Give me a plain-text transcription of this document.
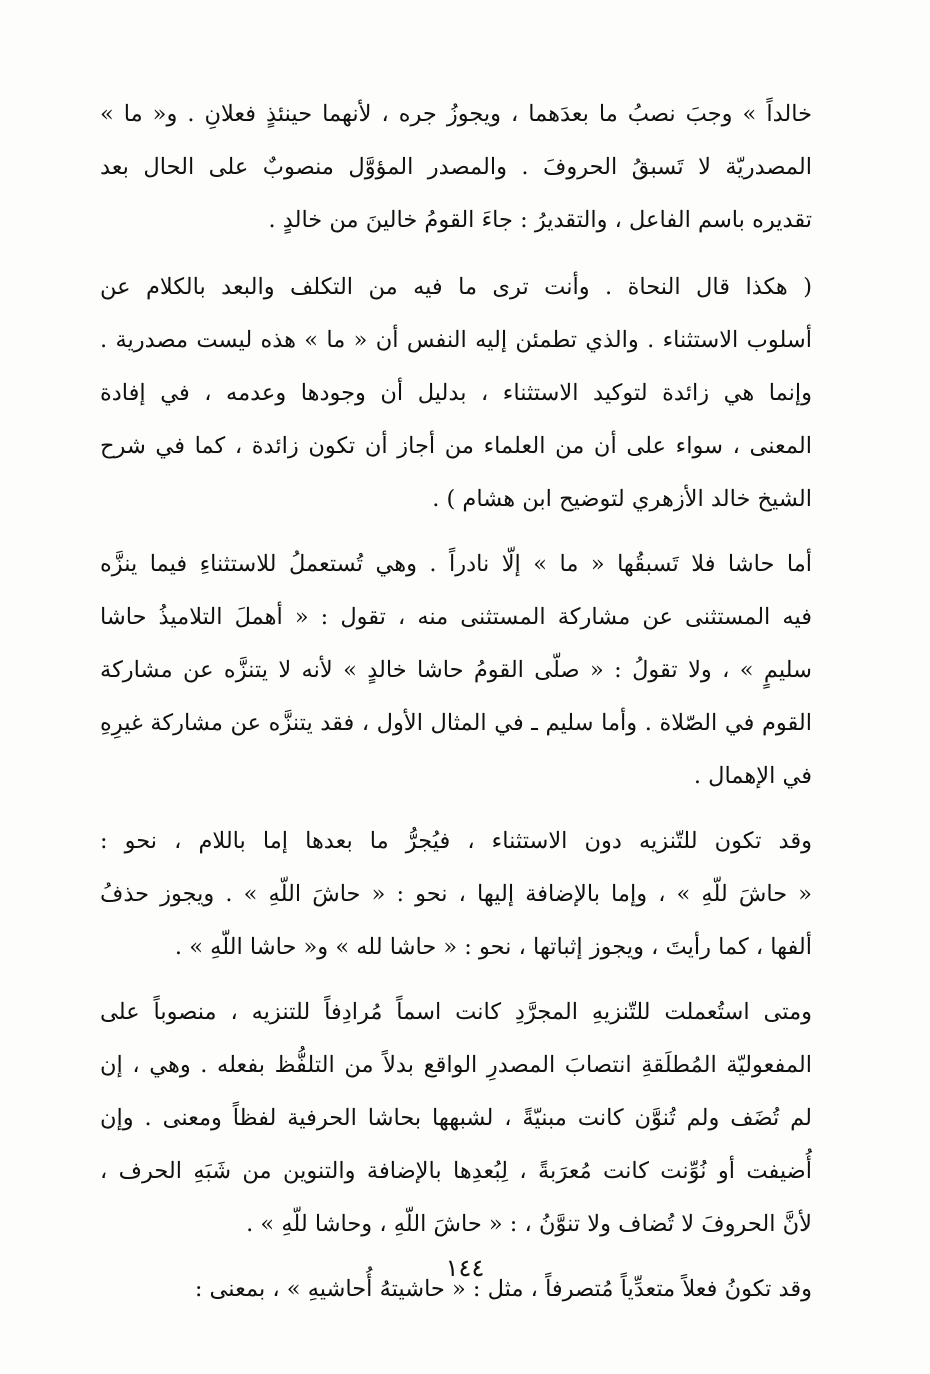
خالداً » وجبَ نصبُ ما بعدَهما ، ويجوزُ جره ، لأنهما حينئذٍ فعلانِ . و« ما »
المصدريّة لا تَسبقُ الحروفَ . والمصدر المؤوَّل منصوبٌ على الحال بعد
تقديره باسم الفاعل ، والتقديرُ : جاءَ القومُ خالينَ من خالدٍ .
( هكذا قال النحاة . وأنت ترى ما فيه من التكلف والبعد بالكلام عن
أسلوب الاستثناء . والذي تطمئن إليه النفس أن « ما » هذه ليست مصدرية .
وإنما هي زائدة لتوكيد الاستثناء ، بدليل أن وجودها وعدمه ، في إفادة
المعنى ، سواء على أن من العلماء من أجاز أن تكون زائدة ، كما في شرح
الشيخ خالد الأزهري لتوضيح ابن هشام ) .
أما حاشا فلا تَسبقُها « ما » إلّا نادراً . وهي تُستعملُ للاستثناءِ فيما ينزَّه
فيه المستثنى عن مشاركة المستثنى منه ، تقول : « أهملَ التلاميذُ حاشا
سليمٍ » ، ولا تقولُ : « صلّى القومُ حاشا خالدٍ » لأنه لا يتنزَّه عن مشاركة
القوم في الصّلاة . وأما سليم ـ في المثال الأول ، فقد يتنزَّه عن مشاركة غيرِهِ
في الإهمال .
وقد تكون للتّنزيه دون الاستثناء ، فيُجرُّ ما بعدها إما باللام ، نحو :
« حاشَ للّهِ » ، وإما بالإضافة إليها ، نحو : « حاشَ اللّهِ » . ويجوز حذفُ
ألفها ، كما رأيتَ ، ويجوز إثباتها ، نحو : « حاشا لله » و« حاشا اللّهِ » .
ومتى استُعملت للتّنزيهِ المجرَّدِ كانت اسماً مُرادِفاً للتنزيه ، منصوباً على
المفعوليّة المُطلَقةِ انتصابَ المصدرِ الواقع بدلاً من التلفُّظ بفعله . وهي ، إن
لم تُضَف ولم تُنوَّن كانت مبنيّةً ، لشبهها بحاشا الحرفية لفظاً ومعنى . وإن
أُضيفت أو نُوِّنت كانت مُعرَبةً ، لِبُعدِها بالإضافة والتنوين من شَبَهِ الحرف ،
لأنَّ الحروفَ لا تُضاف ولا تنوَّنُ ، : « حاشَ اللّهِ ، وحاشا للّهِ » .
وقد تكونُ فعلاً متعدِّياً مُتصرفاً ، مثل : « حاشيتهُ أُحاشيهِ » ، بمعنى :
١٤٤
